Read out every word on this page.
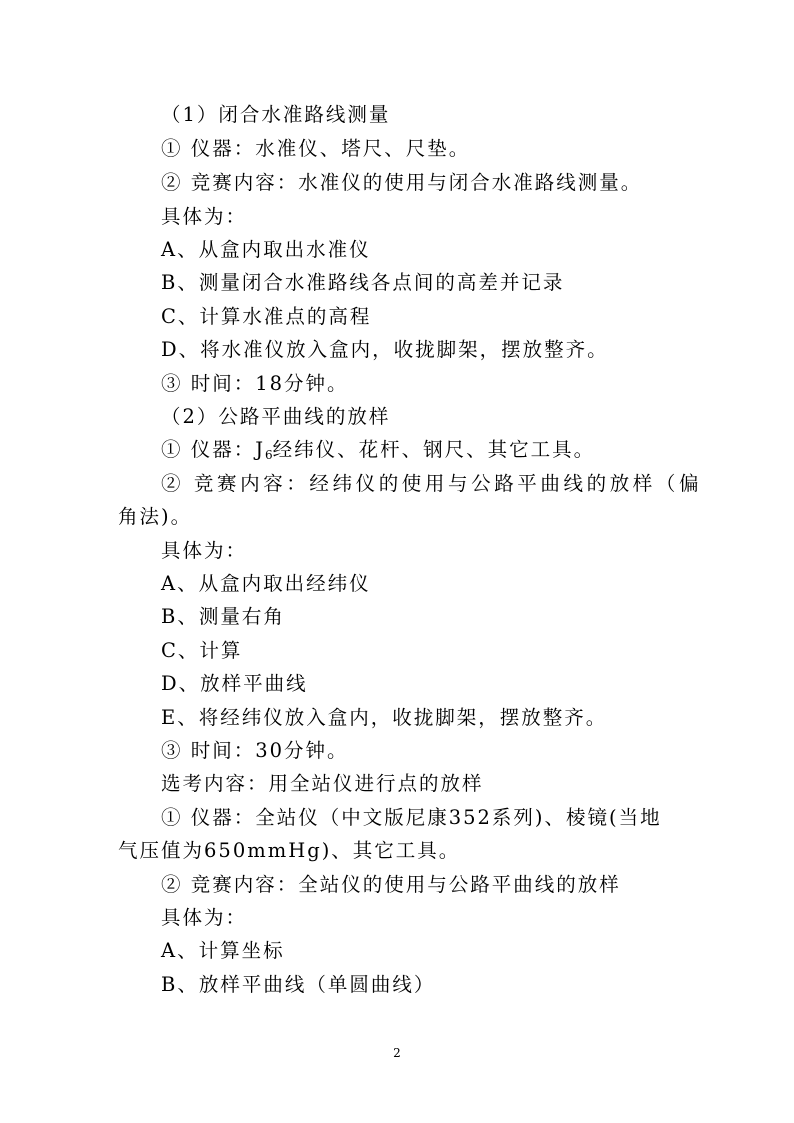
（1）闭合水准路线测量
① 仪器：水准仪、塔尺、尺垫。
② 竞赛内容：水准仪的使用与闭合水准路线测量。
具体为：
A、从盒内取出水准仪
B、测量闭合水准路线各点间的高差并记录
C、计算水准点的高程
D、将水准仪放入盒内，收拢脚架，摆放整齐。
③ 时间：18分钟。
（2）公路平曲线的放样
① 仪器：$J_6$经纬仪、花杆、钢尺、其它工具。
② 竞赛内容：经纬仪的使用与公路平曲线的放样（偏
角法)。
具体为：
A、从盒内取出经纬仪
B、测量右角
C、计算
D、放样平曲线
E、将经纬仪放入盒内，收拢脚架，摆放整齐。
③ 时间：30分钟。
选考内容：用全站仪进行点的放样
① 仪器：全站仪（中文版尼康352系列)、棱镜(当地
气压值为650mmHg)、其它工具。
② 竞赛内容：全站仪的使用与公路平曲线的放样
具体为：
A、计算坐标
B、放样平曲线（单圆曲线）
2
